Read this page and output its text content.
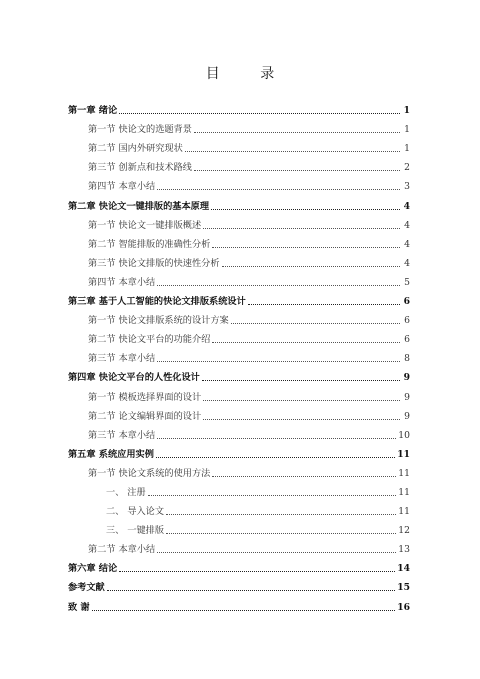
目 录
第一章 绪论	1
第一节 快论文的选题背景	1
第二节 国内外研究现状	1
第三节 创新点和技术路线	2
第四节 本章小结	3
第二章 快论文一键排版的基本原理	4
第一节 快论文一键排版概述	4
第二节 智能排版的准确性分析	4
第三节 快论文排版的快速性分析	4
第四节 本章小结	5
第三章 基于人工智能的快论文排版系统设计	6
第一节 快论文排版系统的设计方案	6
第二节 快论文平台的功能介绍	6
第三节 本章小结	8
第四章 快论文平台的人性化设计	9
第一节 模板选择界面的设计	9
第二节 论文编辑界面的设计	9
第三节 本章小结	10
第五章 系统应用实例	11
第一节 快论文系统的使用方法	11
一、 注册	11
二、 导入论文	11
三、 一键排版	12
第二节 本章小结	13
第六章 结论	14
参考文献	15
致 谢	16
